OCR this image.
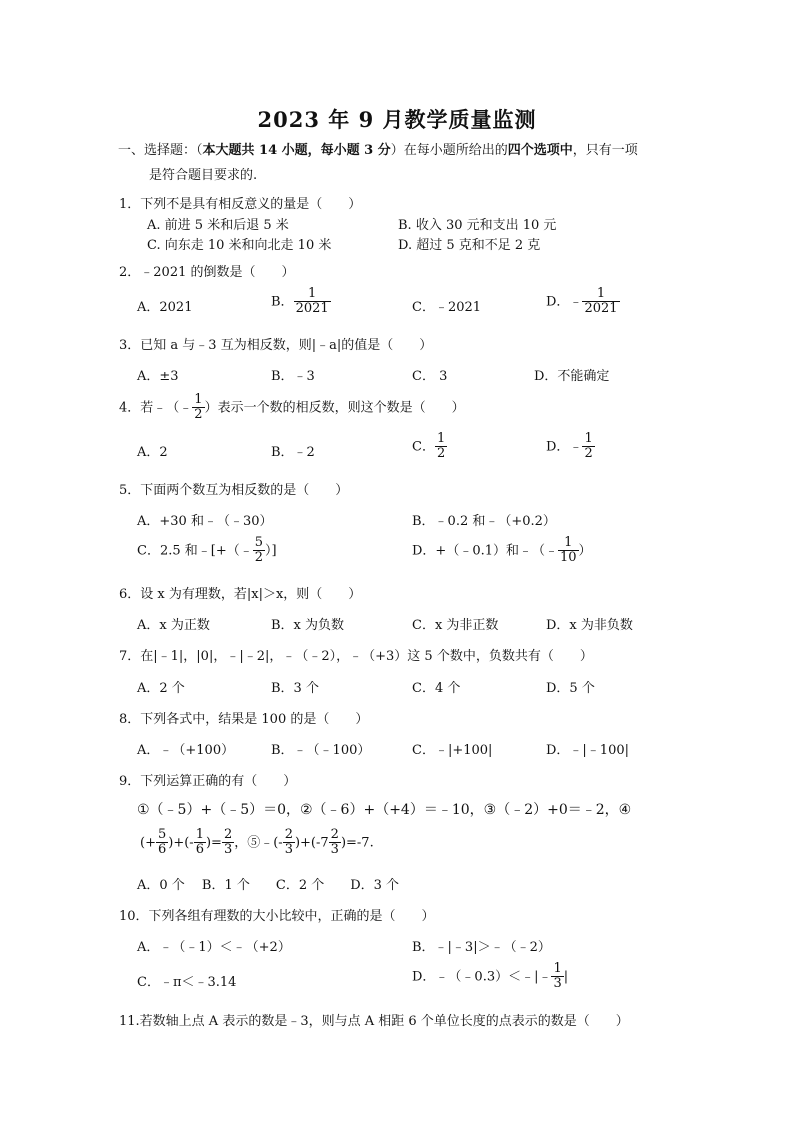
2023 年 9 月教学质量监测
一、选择题：（本大题共 14 小题，每小题 3 分）在每小题所给出的四个选项中，只有一项
是符合题目要求的.
1．下列不是具有相反意义的量是（　　）
A. 前进 5 米和后退 5 米	B. 收入 30 元和支出 10 元
C. 向东走 10 米和向北走 10 米	D. 超过 5 克和不足 2 克
2．﹣2021 的倒数是（　　）
A．2021	B． $\frac{1}{2021}$	C．﹣2021	D．﹣ $\frac{1}{2021}$
3．已知 a 与﹣3 互为相反数，则|﹣a|的值是（　　）
A．±3	B．﹣3	C． 3	D．不能确定
4．若﹣（﹣ $\frac{1}{2}$ ）表示一个数的相反数，则这个数是（　　）
A．2	B．﹣2	C． $\frac{1}{2}$	D．﹣ $\frac{1}{2}$
5．下面两个数互为相反数的是（　　）
A．+30 和﹣（﹣30）	B．﹣0.2 和﹣（+0.2）
C．2.5 和﹣[+（﹣ $\frac{5}{2}$ ）]	D．+（﹣0.1）和﹣（﹣ $\frac{1}{10}$ ）
6．设 x 为有理数，若|x|＞x，则（　　）
A．x 为正数	B．x 为负数	C．x 为非正数	D．x 为非负数
7．在|﹣1|，|0|，﹣|﹣2|，﹣（﹣2），﹣（+3）这 5 个数中，负数共有（　　）
A．2 个	B．3 个	C．4 个	D．5 个
8．下列各式中，结果是 100 的是（　　）
A．﹣（+100）	B．﹣（﹣100）	C．﹣|+100|	D．﹣|﹣100|
9．下列运算正确的有（　　）
①（﹣5）+（﹣5）＝0，②（﹣6）+（+4）＝﹣10，③（﹣2）+0＝﹣2，④
(+ $\frac{5}{6}$ )+(- $\frac{1}{6}$ )= $\frac{2}{3}$ ，⑤﹣(- $\frac{2}{3} )+(-7 \frac{2}{3} )=-7$.
A．0 个　 B．1 个　　C．2 个　　D．3 个
10．下列各组有理数的大小比较中，正确的是（　　）
A．﹣（﹣1）＜﹣（+2）	B．﹣|﹣3|＞﹣（﹣2）
C．﹣π＜﹣3.14	D．﹣（﹣0.3）＜﹣|﹣ $\frac{1}{3}$ |
11.若数轴上点 A 表示的数是﹣3，则与点 A 相距 6 个单位长度的点表示的数是（　　）
